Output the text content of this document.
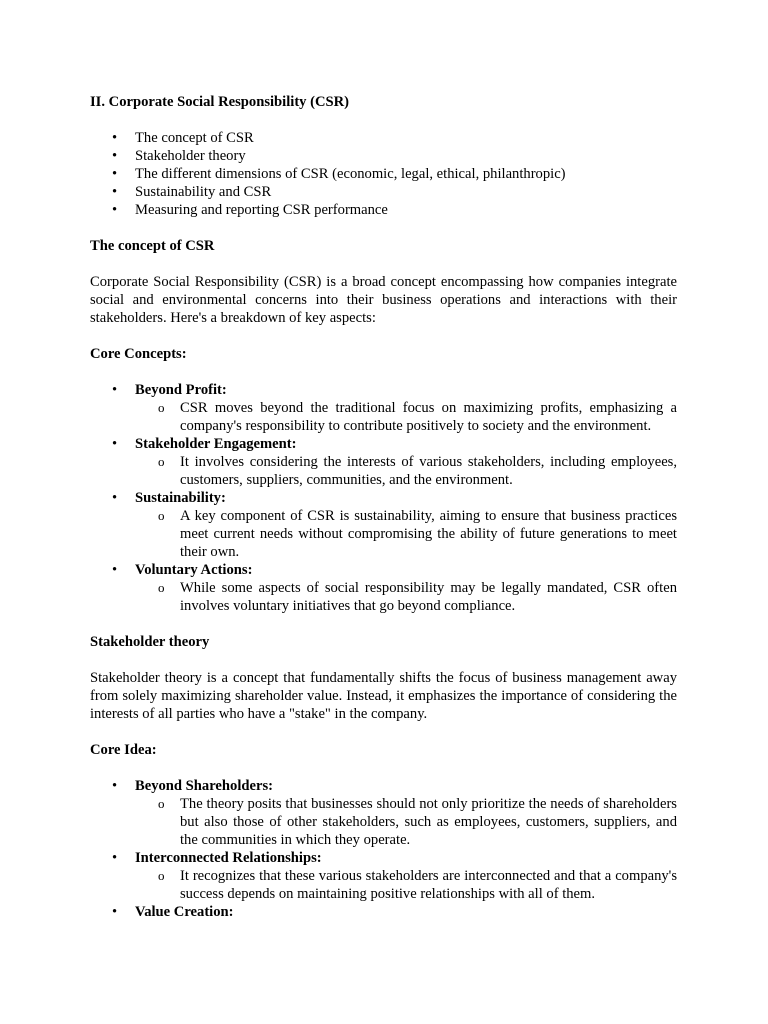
II. Corporate Social Responsibility (CSR)
• The concept of CSR
• Stakeholder theory
• The different dimensions of CSR (economic, legal, ethical, philanthropic)
• Sustainability and CSR
• Measuring and reporting CSR performance
The concept of CSR

Corporate Social Responsibility (CSR) is a broad concept encompassing how companies integrate social and environmental concerns into their business operations and interactions with their stakeholders. Here's a breakdown of key aspects:

Core Concepts:
• Beyond Profit:
o CSR moves beyond the traditional focus on maximizing profits, emphasizing a company's responsibility to contribute positively to society and the environment.
• Stakeholder Engagement:
o It involves considering the interests of various stakeholders, including employees, customers, suppliers, communities, and the environment.
• Sustainability:
o A key component of CSR is sustainability, aiming to ensure that business practices meet current needs without compromising the ability of future generations to meet their own.
• Voluntary Actions:
o While some aspects of social responsibility may be legally mandated, CSR often involves voluntary initiatives that go beyond compliance.
Stakeholder theory

Stakeholder theory is a concept that fundamentally shifts the focus of business management away from solely maximizing shareholder value. Instead, it emphasizes the importance of considering the interests of all parties who have a "stake" in the company.

Core Idea:
• Beyond Shareholders:
o The theory posits that businesses should not only prioritize the needs of shareholders but also those of other stakeholders, such as employees, customers, suppliers, and the communities in which they operate.
• Interconnected Relationships:
o It recognizes that these various stakeholders are interconnected and that a company's success depends on maintaining positive relationships with all of them.
• Value Creation:
